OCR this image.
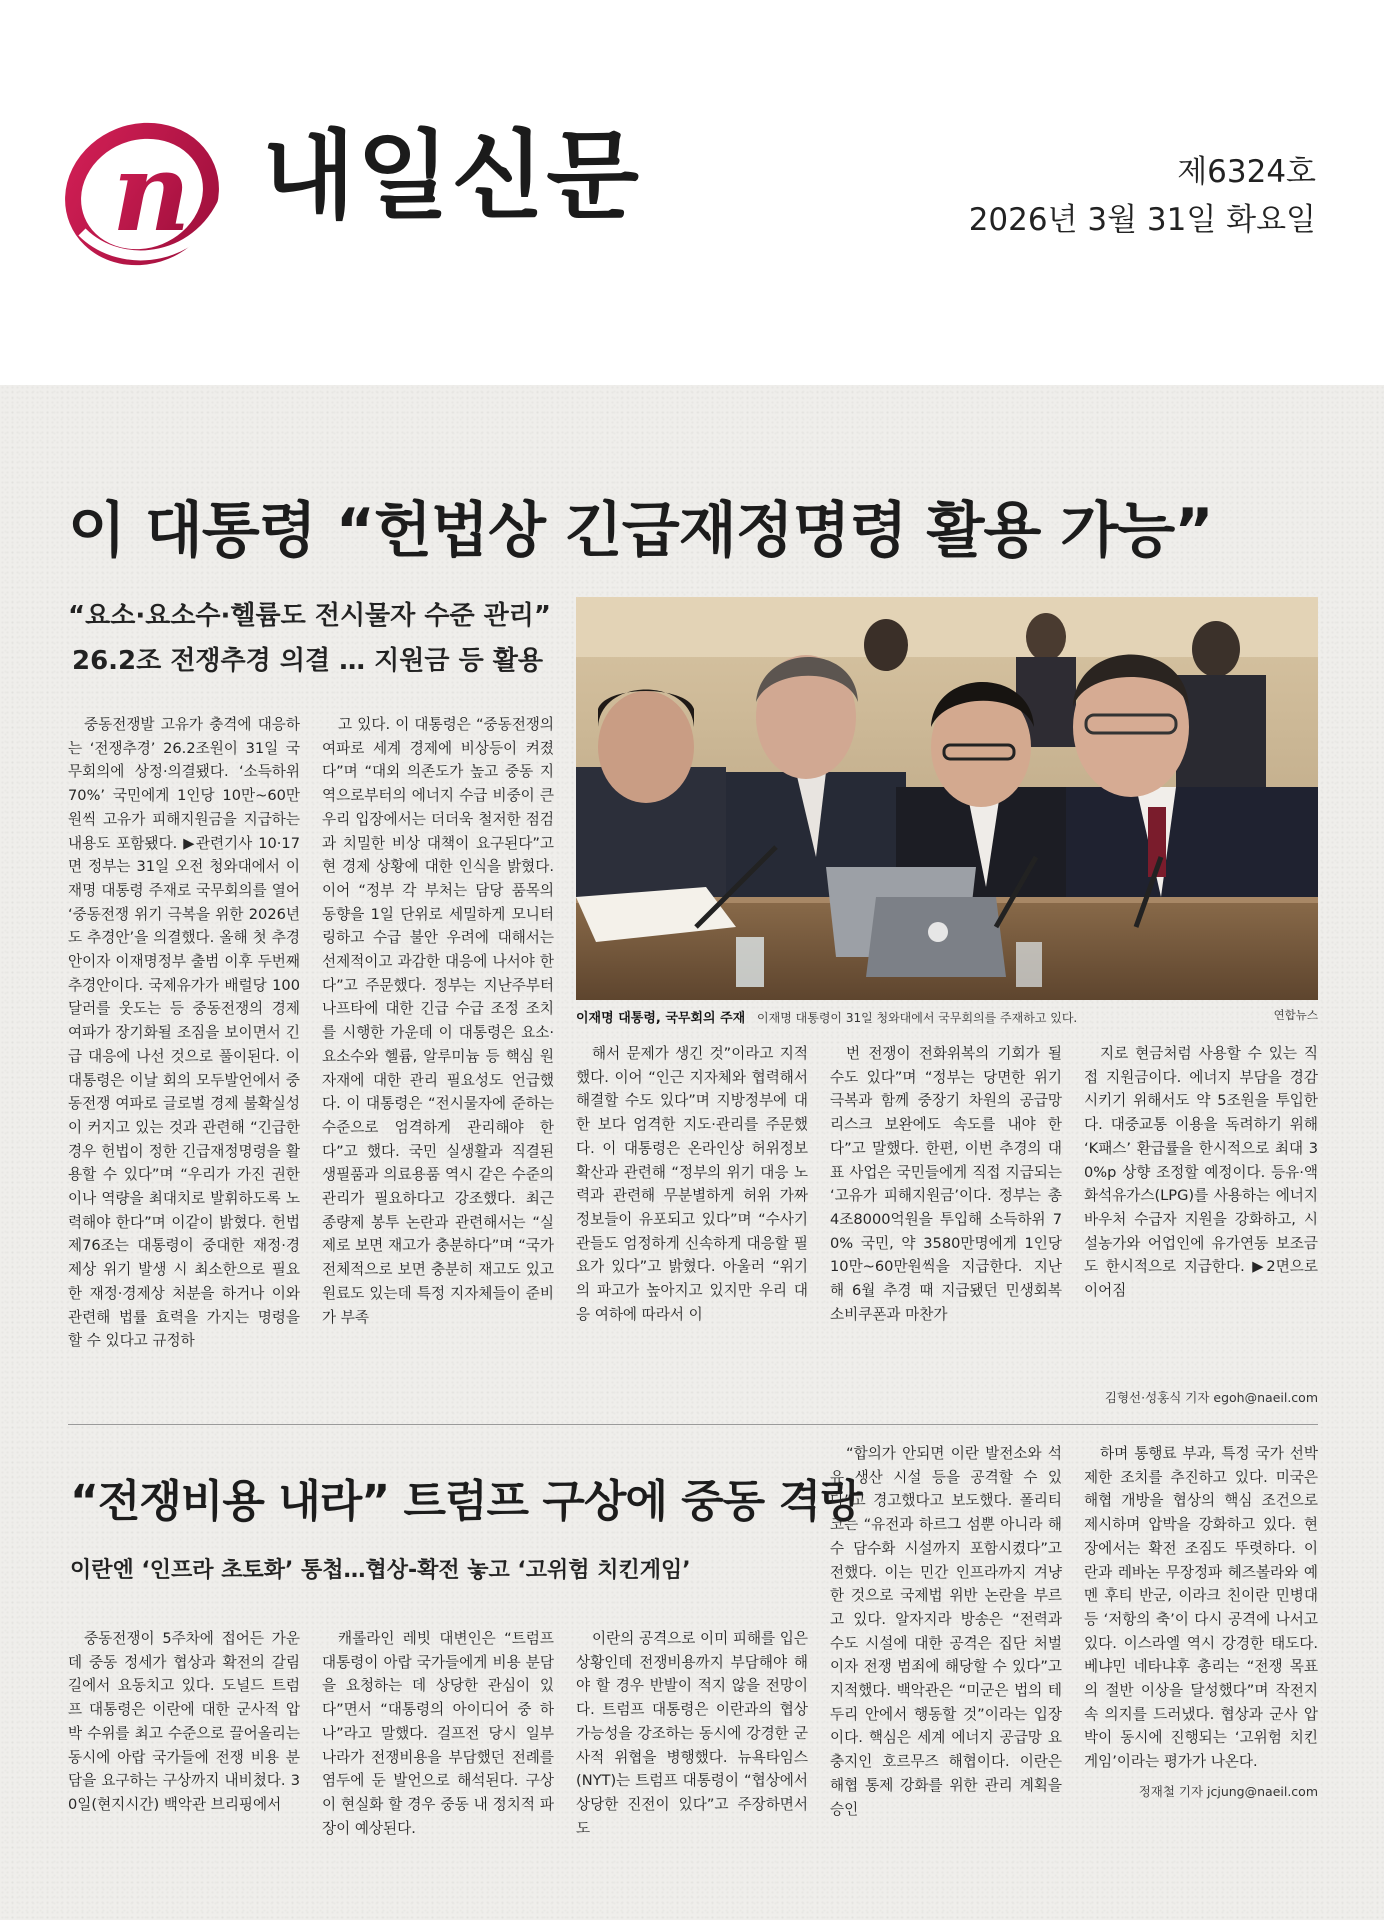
n 내일신문	제6324호
2026년 3월 31일 화요일
이 대통령 “헌법상 긴급재정명령 활용 가능”
“요소·요소수·헬륨도 전시물자 수준 관리”
26.2조 전쟁추경 의결 … 지원금 등 활용

중동전쟁발 고유가 충격에 대응하는 ‘전쟁추경’ 26.2조원이 31일 국무회의에 상정·의결됐다. ‘소득하위 70%’ 국민에게 1인당 10만~60만원씩 고유가 피해지원금을 지급하는 내용도 포함됐다. ▶관련기사 10·17면 정부는 31일 오전 청와대에서 이재명 대통령 주재로 국무회의를 열어 ‘중동전쟁 위기 극복을 위한 2026년도 추경안’을 의결했다. 올해 첫 추경안이자 이재명정부 출범 이후 두번째 추경안이다. 국제유가가 배럴당 100달러를 웃도는 등 중동전쟁의 경제 여파가 장기화될 조짐을 보이면서 긴급 대응에 나선 것으로 풀이된다. 이 대통령은 이날 회의 모두발언에서 중동전쟁 여파로 글로벌 경제 불확실성이 커지고 있는 것과 관련해 “긴급한 경우 헌법이 정한 긴급재정명령을 활용할 수 있다”며 “우리가 가진 권한이나 역량을 최대치로 발휘하도록 노력해야 한다”며 이같이 밝혔다. 헌법 제76조는 대통령이 중대한 재정·경제상 위기 발생 시 최소한으로 필요한 재정·경제상 처분을 하거나 이와 관련해 법률 효력을 가지는 명령을 할 수 있다고 규정하

고 있다. 이 대통령은 “중동전쟁의 여파로 세계 경제에 비상등이 켜졌다”며 “대외 의존도가 높고 중동 지역으로부터의 에너지 수급 비중이 큰 우리 입장에서는 더더욱 철저한 점검과 치밀한 비상 대책이 요구된다”고 현 경제 상황에 대한 인식을 밝혔다. 이어 “정부 각 부처는 담당 품목의 동향을 1일 단위로 세밀하게 모니터링하고 수급 불안 우려에 대해서는 선제적이고 과감한 대응에 나서야 한다”고 주문했다. 정부는 지난주부터 나프타에 대한 긴급 수급 조정 조치를 시행한 가운데 이 대통령은 요소·요소수와 헬륨, 알루미늄 등 핵심 원자재에 대한 관리 필요성도 언급했다. 이 대통령은 “전시물자에 준하는 수준으로 엄격하게 관리해야 한다”고 했다. 국민 실생활과 직결된 생필품과 의료용품 역시 같은 수준의 관리가 필요하다고 강조했다. 최근 종량제 봉투 논란과 관련해서는 “실제로 보면 재고가 충분하다”며 “국가 전체적으로 보면 충분히 재고도 있고 원료도 있는데 특정 지자체들이 준비가 부족

해서 문제가 생긴 것”이라고 지적했다. 이어 “인근 지자체와 협력해서 해결할 수도 있다”며 지방정부에 대한 보다 엄격한 지도·관리를 주문했다. 이 대통령은 온라인상 허위정보 확산과 관련해 “정부의 위기 대응 노력과 관련해 무분별하게 허위 가짜 정보들이 유포되고 있다”며 “수사기관들도 엄정하게 신속하게 대응할 필요가 있다”고 밝혔다. 아울러 “위기의 파고가 높아지고 있지만 우리 대응 여하에 따라서 이

번 전쟁이 전화위복의 기회가 될 수도 있다”며 “정부는 당면한 위기 극복과 함께 중장기 차원의 공급망 리스크 보완에도 속도를 내야 한다”고 말했다. 한편, 이번 추경의 대표 사업은 국민들에게 직접 지급되는 ‘고유가 피해지원금’이다. 정부는 총 4조8000억원을 투입해 소득하위 70% 국민, 약 3580만명에게 1인당 10만~60만원씩을 지급한다. 지난해 6월 추경 때 지급됐던 민생회복 소비쿠폰과 마찬가

지로 현금처럼 사용할 수 있는 직접 지원금이다. 에너지 부담을 경감시키기 위해서도 약 5조원을 투입한다. 대중교통 이용을 독려하기 위해 ‘K패스’ 환급률을 한시적으로 최대 30%p 상향 조정할 예정이다. 등유·액화석유가스(LPG)를 사용하는 에너지바우처 수급자 지원을 강화하고, 시설농가와 어업인에 유가연동 보조금도 한시적으로 지급한다. ▶2면으로 이어짐

김형선·성홍식 기자 egoh@naeil.com
이재명 대통령, 국무회의 주재 이재명 대통령이 31일 청와대에서 국무회의를 주재하고 있다.	연합뉴스
“전쟁비용 내라” 트럼프 구상에 중동 격랑
이란엔 ‘인프라 초토화’ 통첩…협상-확전 놓고 ‘고위험 치킨게임’

중동전쟁이 5주차에 접어든 가운데 중동 정세가 협상과 확전의 갈림길에서 요동치고 있다. 도널드 트럼프 대통령은 이란에 대한 군사적 압박 수위를 최고 수준으로 끌어올리는 동시에 아랍 국가들에 전쟁 비용 분담을 요구하는 구상까지 내비쳤다. 30일(현지시간) 백악관 브리핑에서

캐롤라인 레빗 대변인은 “트럼프 대통령이 아랍 국가들에게 비용 분담을 요청하는 데 상당한 관심이 있다”면서 “대통령의 아이디어 중 하나”라고 말했다. 걸프전 당시 일부 나라가 전쟁비용을 부담했던 전례를 염두에 둔 발언으로 해석된다. 구상이 현실화 할 경우 중동 내 정치적 파장이 예상된다.

이란의 공격으로 이미 피해를 입은 상황인데 전쟁비용까지 부담해야 해야 할 경우 반발이 적지 않을 전망이다. 트럼프 대통령은 이란과의 협상 가능성을 강조하는 동시에 강경한 군사적 위협을 병행했다. 뉴욕타임스(NYT)는 트럼프 대통령이 “협상에서 상당한 진전이 있다”고 주장하면서도

“합의가 안되면 이란 발전소와 석유 생산 시설 등을 공격할 수 있다”고 경고했다고 보도했다. 폴리티코는 “유전과 하르그 섬뿐 아니라 해수 담수화 시설까지 포함시켰다”고 전했다. 이는 민간 인프라까지 겨냥한 것으로 국제법 위반 논란을 부르고 있다. 알자지라 방송은 “전력과 수도 시설에 대한 공격은 집단 처벌이자 전쟁 범죄에 해당할 수 있다”고 지적했다. 백악관은 “미군은 법의 테두리 안에서 행동할 것”이라는 입장이다. 핵심은 세계 에너지 공급망 요충지인 호르무즈 해협이다. 이란은 해협 통제 강화를 위한 관리 계획을 승인

하며 통행료 부과, 특정 국가 선박 제한 조치를 추진하고 있다. 미국은 해협 개방을 협상의 핵심 조건으로 제시하며 압박을 강화하고 있다. 현장에서는 확전 조짐도 뚜렷하다. 이란과 레바논 무장정파 헤즈볼라와 예멘 후티 반군, 이라크 친이란 민병대 등 ‘저항의 축’이 다시 공격에 나서고 있다. 이스라엘 역시 강경한 태도다. 베냐민 네타냐후 총리는 “전쟁 목표의 절반 이상을 달성했다”며 작전지속 의지를 드러냈다. 협상과 군사 압박이 동시에 진행되는 ‘고위험 치킨게임’이라는 평가가 나온다.

정재철 기자 jcjung@naeil.com
